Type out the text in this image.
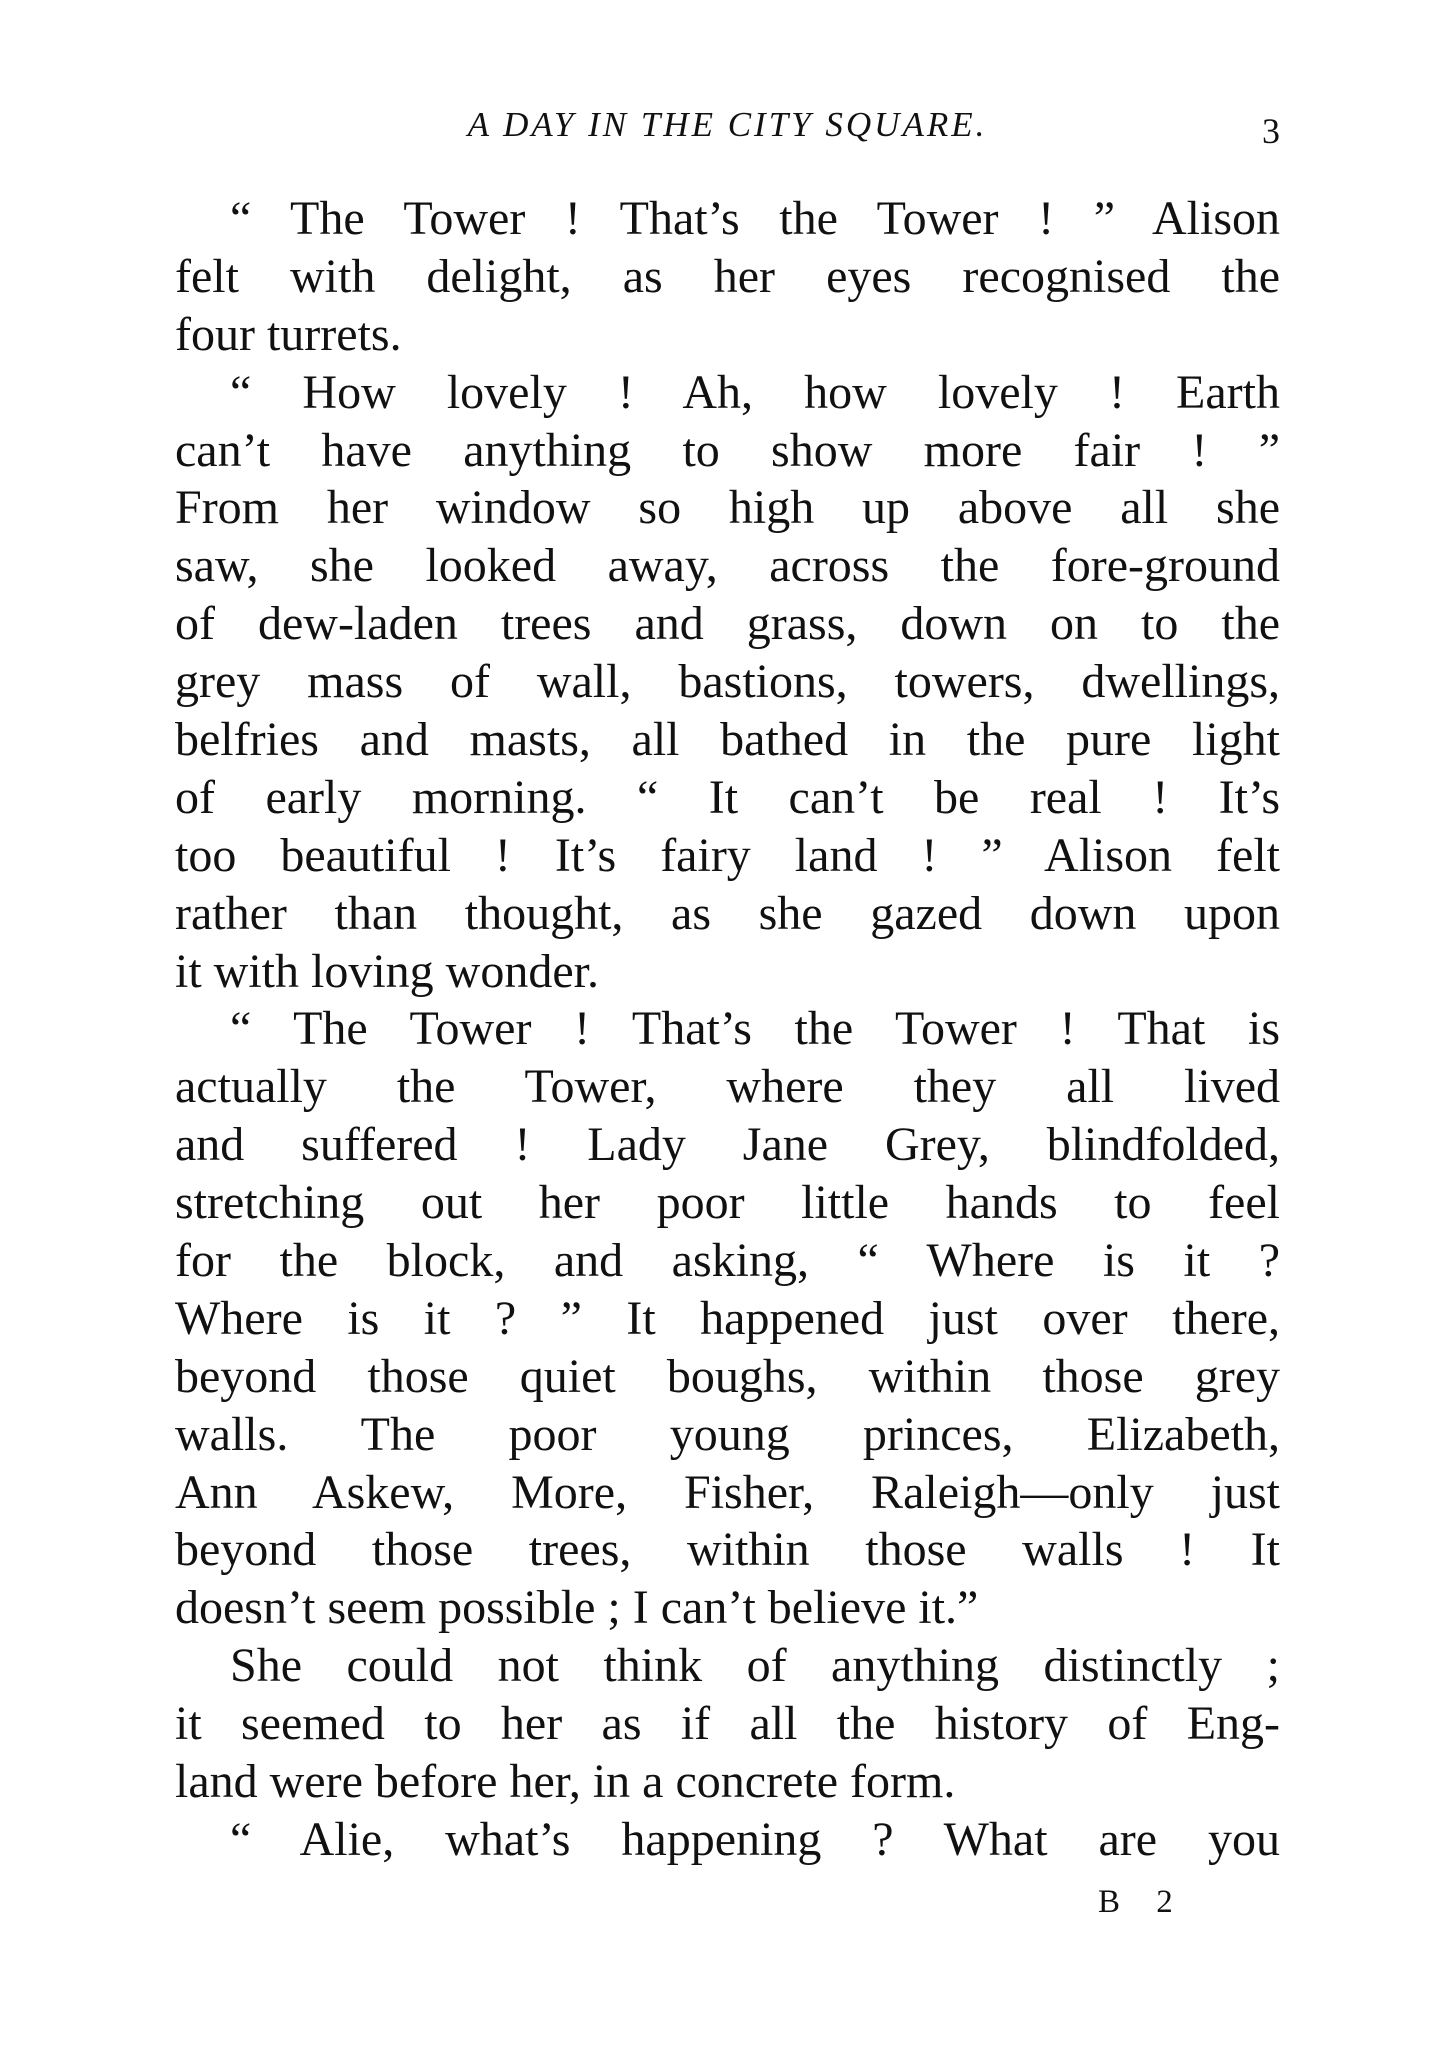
A DAY IN THE CITY SQUARE.	3
“ The Tower ! That’s the Tower ! ” Alison
felt with delight, as her eyes recognised the
four turrets.
“ How lovely ! Ah, how lovely ! Earth
can’t have anything to show more fair ! ”
From her window so high up above all she
saw, she looked away, across the fore-ground
of dew-laden trees and grass, down on to the
grey mass of wall, bastions, towers, dwellings,
belfries and masts, all bathed in the pure light
of early morning. “ It can’t be real ! It’s
too beautiful ! It’s fairy land ! ” Alison felt
rather than thought, as she gazed down upon
it with loving wonder.
“ The Tower ! That’s the Tower ! That is
actually the Tower, where they all lived
and suffered ! Lady Jane Grey, blindfolded,
stretching out her poor little hands to feel
for the block, and asking, “ Where is it ?
Where is it ? ” It happened just over there,
beyond those quiet boughs, within those grey
walls. The poor young princes, Elizabeth,
Ann Askew, More, Fisher, Raleigh—only just
beyond those trees, within those walls ! It
doesn’t seem possible ; I can’t believe it.”
She could not think of anything distinctly ;
it seemed to her as if all the history of Eng-
land were before her, in a concrete form.
“ Alie, what’s happening ? What are you
B 2
